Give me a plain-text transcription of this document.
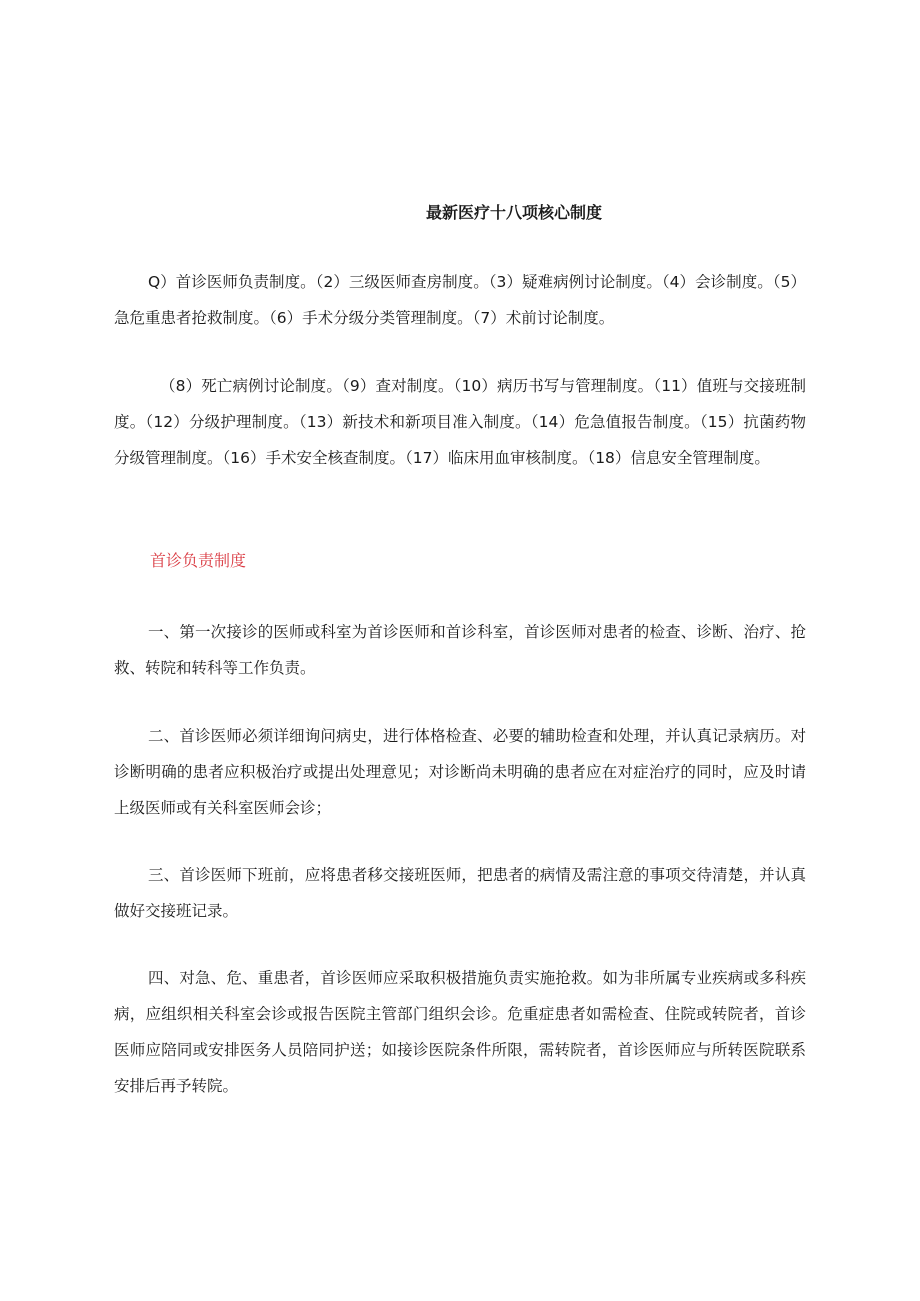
最新医疗十八项核心制度

Q）首诊医师负责制度。（2）三级医师查房制度。（3）疑难病例讨论制度。（4）会诊制度。（5）急危重患者抢救制度。（6）手术分级分类管理制度。（7）术前讨论制度。

（8）死亡病例讨论制度。（9）查对制度。（10）病历书写与管理制度。（11）值班与交接班制度。（12）分级护理制度。（13）新技术和新项目准入制度。（14）危急值报告制度。（15）抗菌药物分级管理制度。（16）手术安全核查制度。（17）临床用血审核制度。（18）信息安全管理制度。

首诊负责制度

一、第一次接诊的医师或科室为首诊医师和首诊科室，首诊医师对患者的检查、诊断、治疗、抢救、转院和转科等工作负责。

二、首诊医师必须详细询问病史，进行体格检查、必要的辅助检查和处理，并认真记录病历。对诊断明确的患者应积极治疗或提出处理意见；对诊断尚未明确的患者应在对症治疗的同时，应及时请上级医师或有关科室医师会诊；

三、首诊医师下班前，应将患者移交接班医师，把患者的病情及需注意的事项交待清楚，并认真做好交接班记录。

四、对急、危、重患者，首诊医师应采取积极措施负责实施抢救。如为非所属专业疾病或多科疾病，应组织相关科室会诊或报告医院主管部门组织会诊。危重症患者如需检查、住院或转院者，首诊医师应陪同或安排医务人员陪同护送；如接诊医院条件所限，需转院者，首诊医师应与所转医院联系安排后再予转院。
